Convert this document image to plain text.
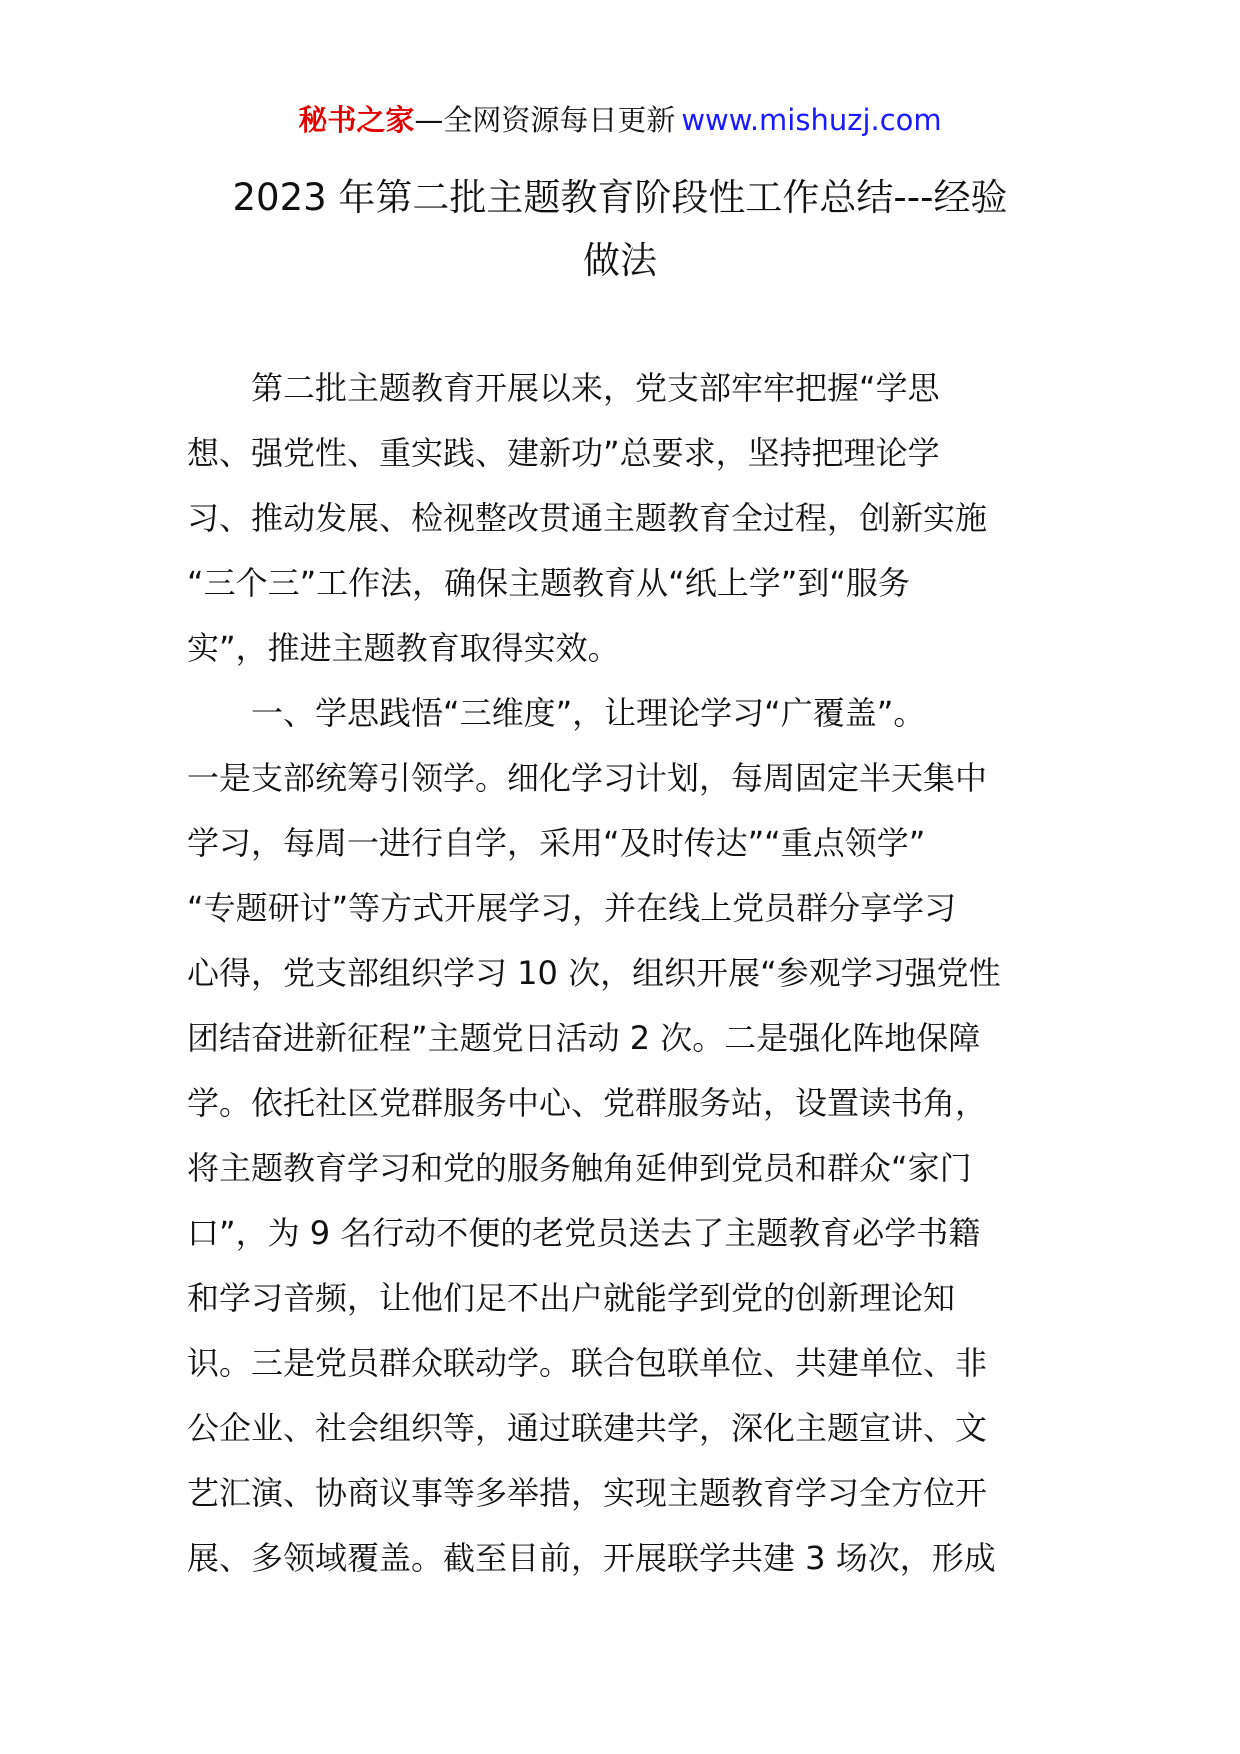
秘书之家—全网资源每日更新 www.mishuzj.com
2023 年第二批主题教育阶段性工作总结---经验
做法
　　第二批主题教育开展以来，党支部牢牢把握“学思
想、强党性、重实践、建新功”总要求，坚持把理论学
习、推动发展、检视整改贯通主题教育全过程，创新实施
“三个三”工作法，确保主题教育从“纸上学”到“服务
实”，推进主题教育取得实效。
　　一、学思践悟“三维度”，让理论学习“广覆盖”。
一是支部统筹引领学。细化学习计划，每周固定半天集中
学习，每周一进行自学，采用“及时传达”“重点领学”
“专题研讨”等方式开展学习，并在线上党员群分享学习
心得，党支部组织学习 10 次，组织开展“参观学习强党性
团结奋进新征程”主题党日活动 2 次。二是强化阵地保障
学。依托社区党群服务中心、党群服务站，设置读书角，
将主题教育学习和党的服务触角延伸到党员和群众“家门
口”，为 9 名行动不便的老党员送去了主题教育必学书籍
和学习音频，让他们足不出户就能学到党的创新理论知
识。三是党员群众联动学。联合包联单位、共建单位、非
公企业、社会组织等，通过联建共学，深化主题宣讲、文
艺汇演、协商议事等多举措，实现主题教育学习全方位开
展、多领域覆盖。截至目前，开展联学共建 3 场次，形成
